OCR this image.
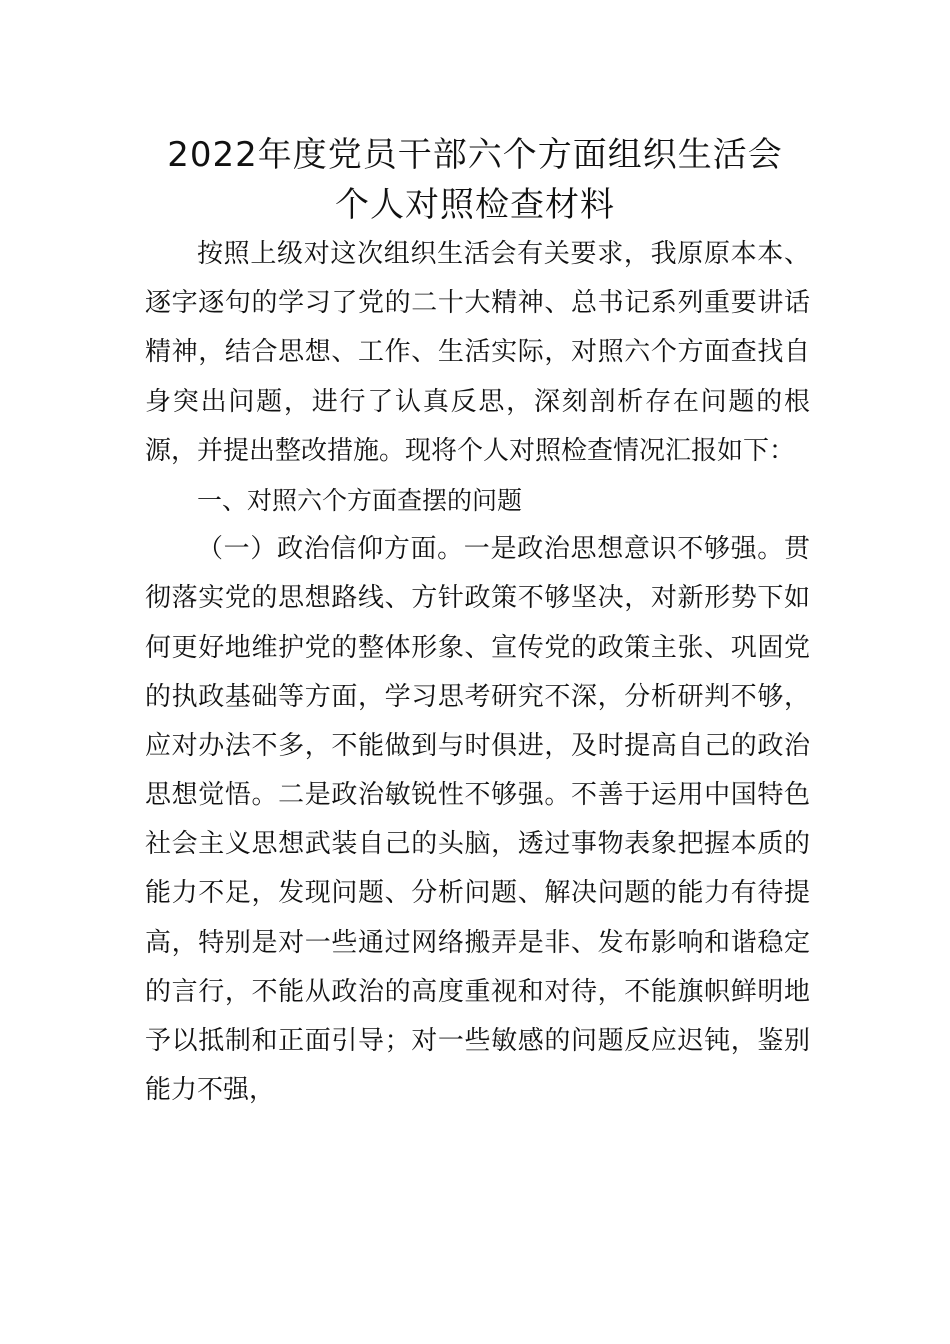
2022年度党员干部六个方面组织生活会
个人对照检查材料
按照上级对这次组织生活会有关要求，我原原本本、
逐字逐句的学习了党的二十大精神、总书记系列重要讲话
精神，结合思想、工作、生活实际，对照六个方面查找自
身突出问题，进行了认真反思，深刻剖析存在问题的根
源，并提出整改措施。现将个人对照检查情况汇报如下：
一、对照六个方面查摆的问题
（一）政治信仰方面。一是政治思想意识不够强。贯
彻落实党的思想路线、方针政策不够坚决，对新形势下如
何更好地维护党的整体形象、宣传党的政策主张、巩固党
的执政基础等方面，学习思考研究不深，分析研判不够，
应对办法不多，不能做到与时俱进，及时提高自己的政治
思想觉悟。二是政治敏锐性不够强。不善于运用中国特色
社会主义思想武装自己的头脑，透过事物表象把握本质的
能力不足，发现问题、分析问题、解决问题的能力有待提
高，特别是对一些通过网络搬弄是非、发布影响和谐稳定
的言行，不能从政治的高度重视和对待，不能旗帜鲜明地
予以抵制和正面引导；对一些敏感的问题反应迟钝，鉴别
能力不强，
